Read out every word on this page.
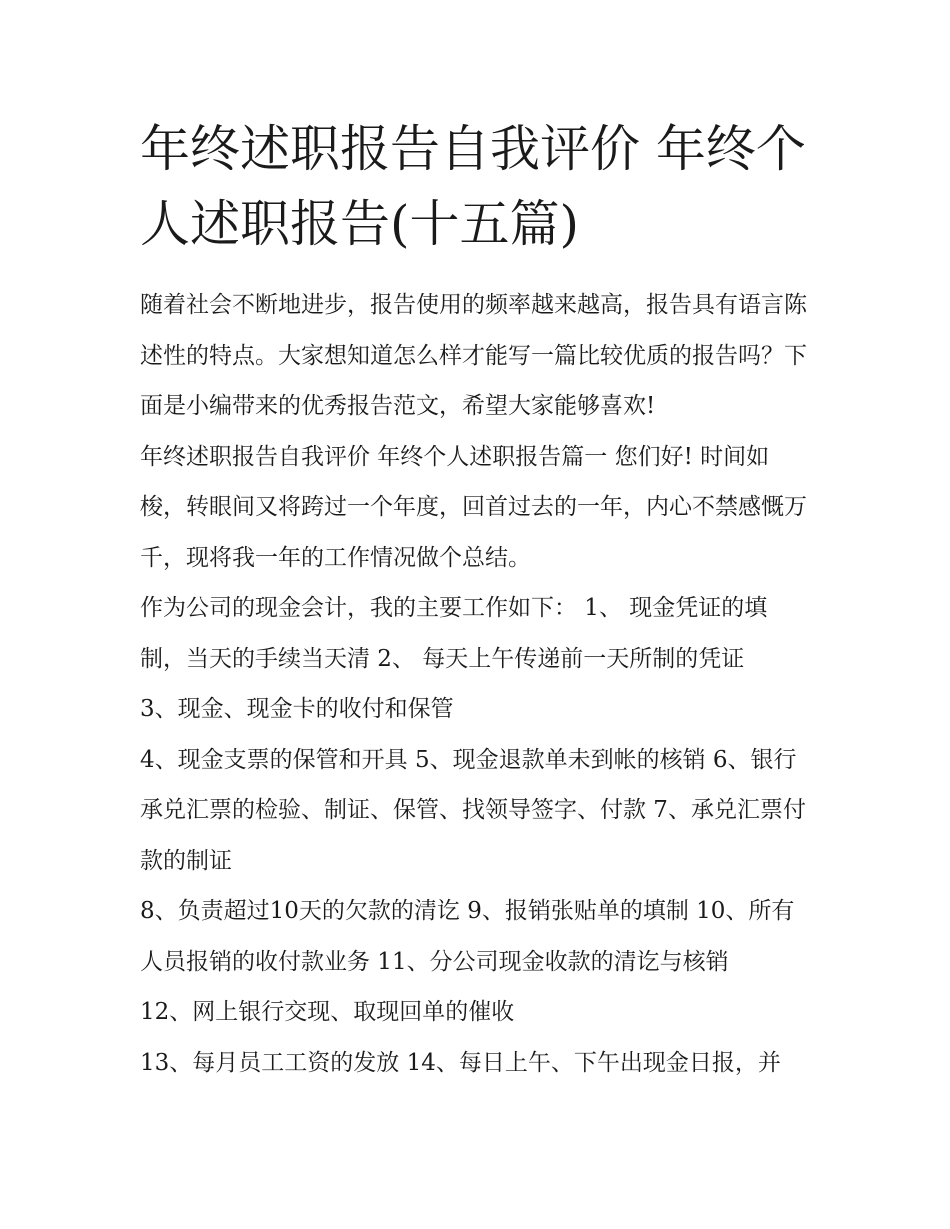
年终述职报告自我评价 年终个人述职报告(十五篇)

随着社会不断地进步，报告使用的频率越来越高，报告具有语言陈述性的特点。大家想知道怎么样才能写一篇比较优质的报告吗？下面是小编带来的优秀报告范文，希望大家能够喜欢!

年终述职报告自我评价 年终个人述职报告篇一 您们好! 时间如梭，转眼间又将跨过一个年度，回首过去的一年，内心不禁感慨万千，现将我一年的工作情况做个总结。

作为公司的现金会计，我的主要工作如下： 1、 现金凭证的填制，当天的手续当天清 2、 每天上午传递前一天所制的凭证

3、现金、现金卡的收付和保管

4、现金支票的保管和开具 5、现金退款单未到帐的核销 6、银行承兑汇票的检验、制证、保管、找领导签字、付款 7、承兑汇票付款的制证

8、负责超过10天的欠款的清讫 9、报销张贴单的填制 10、所有人员报销的收付款业务 11、分公司现金收款的清讫与核销

12、网上银行交现、取现回单的催收

13、每月员工工资的发放 14、每日上午、下午出现金日报，并
